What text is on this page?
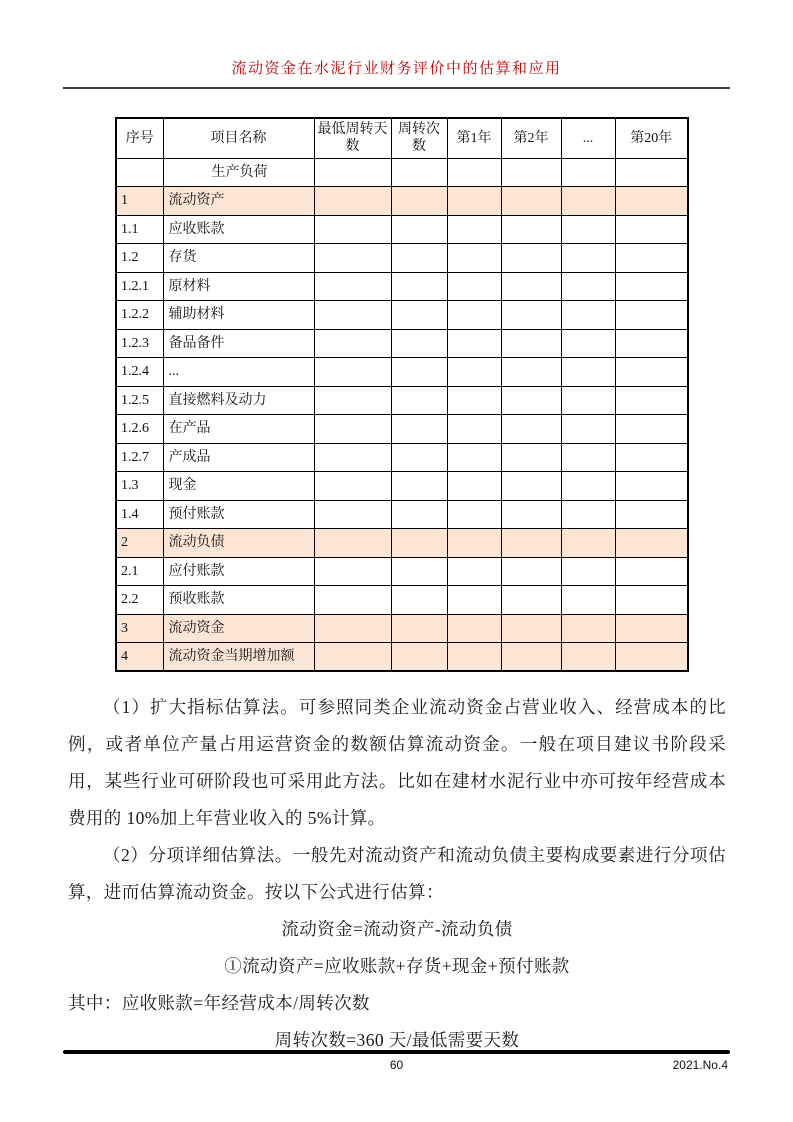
流动资金在水泥行业财务评价中的估算和应用
序号	项目名称	最低周转天数	周转次数	第1年	第2年	...	第20年
	生产负荷						
1	流动资产						
1.1	应收账款						
1.2	存货						
1.2.1	原材料						
1.2.2	辅助材料						
1.2.3	备品备件						
1.2.4	...						
1.2.5	直接燃料及动力						
1.2.6	在产品						
1.2.7	产成品						
1.3	现金						
1.4	预付账款						
2	流动负债						
2.1	应付账款						
2.2	预收账款						
3	流动资金						
4	流动资金当期增加额						
（1）扩大指标估算法。可参照同类企业流动资金占营业收入、经营成本的比例，或者单位产量占用运营资金的数额估算流动资金。一般在项目建议书阶段采用，某些行业可研阶段也可采用此方法。比如在建材水泥行业中亦可按年经营成本费用的 10%加上年营业收入的 5%计算。
（2）分项详细估算法。一般先对流动资产和流动负债主要构成要素进行分项估算，进而估算流动资金。按以下公式进行估算：
流动资金=流动资产-流动负债
①流动资产=应收账款+存货+现金+预付账款
其中：应收账款=年经营成本/周转次数
周转次数=360 天/最低需要天数
60	2021.No.4
